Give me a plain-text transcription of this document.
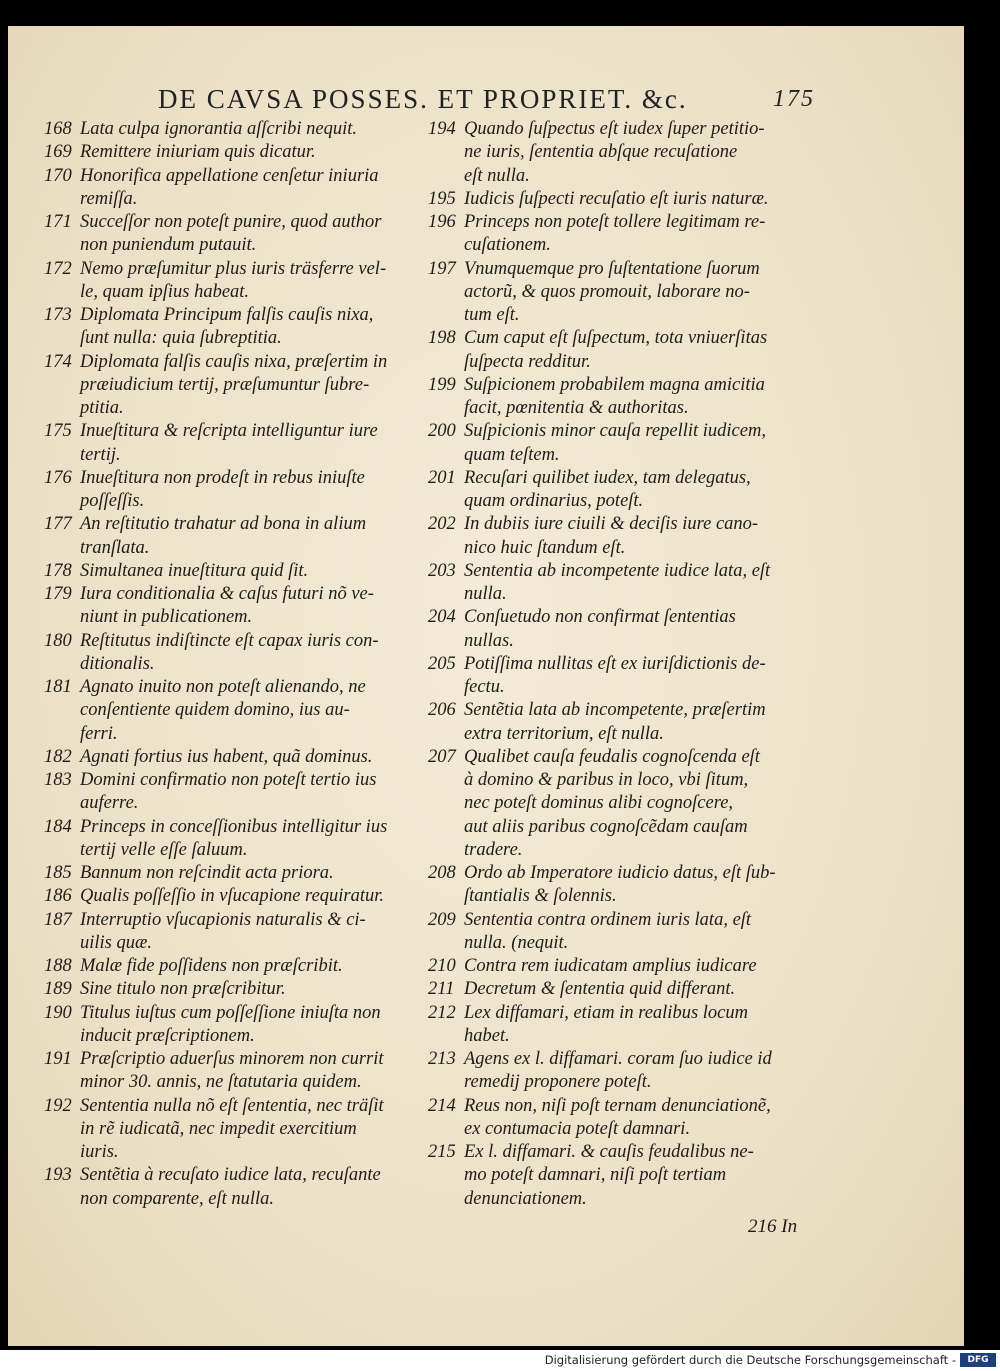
DE CAVSA POSSES. ET PROPRIET. &c.	175
168 Lata culpa ignorantia aſſcribi nequit.
169 Remittere iniuriam quis dicatur.
170 Honorifica appellatione cenſetur iniuria
remiſſa.
171 Succeſſor non poteſt punire, quod author
non puniendum putauit.
172 Nemo præſumitur plus iuris träsferre vel-
le, quam ipſius habeat.
173 Diplomata Principum falſis cauſis nixa,
ſunt nulla: quia ſubreptitia.
174 Diplomata falſis cauſis nixa, præſertim in
præiudicium tertij, præſumuntur ſubre-
ptitia.
175 Inueſtitura & reſcripta intelliguntur iure
tertij.
176 Inueſtitura non prodeſt in rebus iniuſte
poſſeſſis.
177 An reſtitutio trahatur ad bona in alium
tranſlata.
178 Simultanea inueſtitura quid ſit.
179 Iura conditionalia & caſus futuri nõ ve-
niunt in publicationem.
180 Reſtitutus indiſtincte eſt capax iuris con-
ditionalis.
181 Agnato inuito non poteſt alienando, ne
conſentiente quidem domino, ius au-
ferri.
182 Agnati fortius ius habent, quã dominus.
183 Domini confirmatio non poteſt tertio ius
auferre.
184 Princeps in conceſſionibus intelligitur ius
tertij velle eſſe ſaluum.
185 Bannum non reſcindit acta priora.
186 Qualis poſſeſſio in vſucapione requiratur.
187 Interruptio vſucapionis naturalis & ci-
uilis quæ.
188 Malæ fide poſſidens non præſcribit.
189 Sine titulo non præſcribitur.
190 Titulus iuſtus cum poſſeſſione iniuſta non
inducit præſcriptionem.
191 Præſcriptio aduerſus minorem non currit
minor 30. annis, ne ſtatutaria quidem.
192 Sententia nulla nõ eſt ſententia, nec träſit
in rẽ iudicatã, nec impedit exercitium
iuris.
193 Sentẽtia à recuſato iudice lata, recuſante
non comparente, eſt nulla.
194 Quando ſuſpectus eſt iudex ſuper petitio-
ne iuris, ſententia abſque recuſatione
eſt nulla.
195 Iudicis ſuſpecti recuſatio eſt iuris naturæ.
196 Princeps non poteſt tollere legitimam re-
cuſationem.
197 Vnumquemque pro ſuſtentatione ſuorum
actorũ, & quos promouit, laborare no-
tum eſt.
198 Cum caput eſt ſuſpectum, tota vniuerſitas
ſuſpecta redditur.
199 Suſpicionem probabilem magna amicitia
facit, pœnitentia & authoritas.
200 Suſpicionis minor cauſa repellit iudicem,
quam teſtem.
201 Recuſari quilibet iudex, tam delegatus,
quam ordinarius, poteſt.
202 In dubiis iure ciuili & deciſis iure cano-
nico huic ſtandum eſt.
203 Sententia ab incompetente iudice lata, eſt
nulla.
204 Conſuetudo non confirmat ſententias
nullas.
205 Potiſſima nullitas eſt ex iuriſdictionis de-
fectu.
206 Sentẽtia lata ab incompetente, præſertim
extra territorium, eſt nulla.
207 Qualibet cauſa feudalis cognoſcenda eſt
à domino & paribus in loco, vbi ſitum,
nec poteſt dominus alibi cognoſcere,
aut aliis paribus cognoſcẽdam cauſam
tradere.
208 Ordo ab Imperatore iudicio datus, eſt ſub-
ſtantialis & ſolennis.
209 Sententia contra ordinem iuris lata, eſt
nulla. (nequit.
210 Contra rem iudicatam amplius iudicare
211 Decretum & ſententia quid differant.
212 Lex diffamari, etiam in realibus locum
habet.
213 Agens ex l. diffamari. coram ſuo iudice id
remedij proponere poteſt.
214 Reus non, niſi poſt ternam denunciationẽ,
ex contumacia poteſt damnari.
215 Ex l. diffamari. & cauſis feudalibus ne-
mo poteſt damnari, niſi poſt tertiam
denunciationem.
216 In
Digitalisierung gefördert durch die Deutsche Forschungsgemeinschaft -	DFG
